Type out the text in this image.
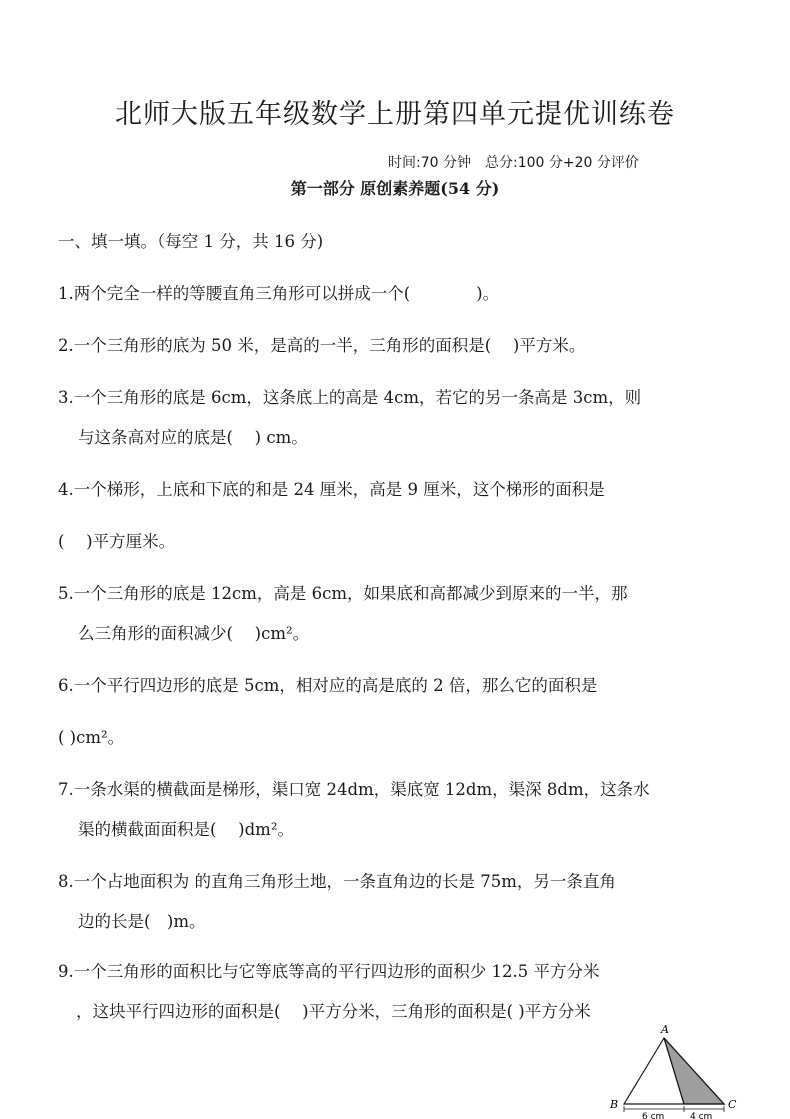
北师大版五年级数学上册第四单元提优训练卷
时间:70 分钟　总分:100 分+20 分评价
第一部分 原创素养题(54 分)
一、填一填。（每空 1 分，共 16 分)
1.两个完全一样的等腰直角三角形可以拼成一个(　　　　)。
2.一个三角形的底为 50 米，是高的一半，三角形的面积是(　 )平方米。
3.一个三角形的底是 6cm，这条底上的高是 4cm，若它的另一条高是 3cm，则
与这条高对应的底是(　 ) cm。
4.一个梯形，上底和下底的和是 24 厘米，高是 9 厘米，这个梯形的面积是
(　 )平方厘米。
5.一个三角形的底是 12cm，高是 6cm，如果底和高都减少到原来的一半，那
么三角形的面积减少(　 )cm²。
6.一个平行四边形的底是 5cm，相对应的高是底的 2 倍，那么它的面积是
( )cm²。
7.一条水渠的横截面是梯形，渠口宽 24dm，渠底宽 12dm，渠深 8dm，这条水
渠的横截面面积是(　 )dm²。
8.一个占地面积为 的直角三角形土地，一条直角边的长是 75m，另一条直角
边的长是(　)m。
9.一个三角形的面积比与它等底等高的平行四边形的面积少 12.5 平方分米
，这块平行四边形的面积是(　 )平方分米，三角形的面积是( )平方分米
A
B	C
6 cm	4 cm
